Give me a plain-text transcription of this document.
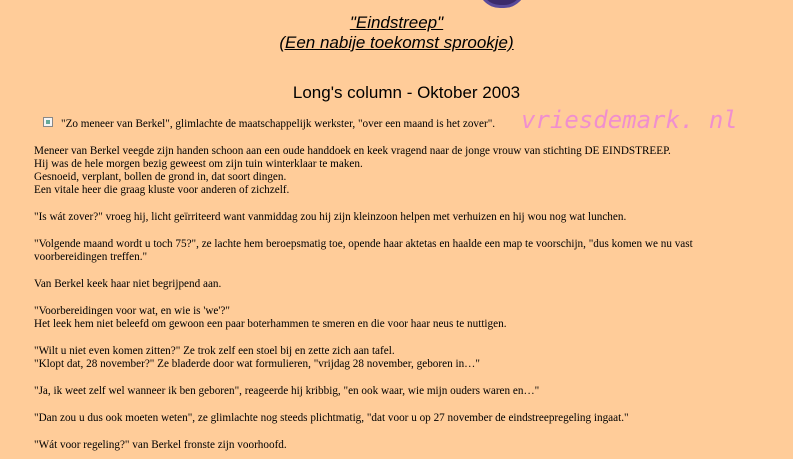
"Eindstreep"
(Een nabije toekomst sprookje)
Long's column - Oktober 2003
vriesdemark. nl
"Zo meneer van Berkel", glimlachte de maatschappelijk werkster, "over een maand is het zover".
Meneer van Berkel veegde zijn handen schoon aan een oude handdoek en keek vragend naar de jonge vrouw van stichting DE EINDSTREEP.
Hij was de hele morgen bezig geweest om zijn tuin winterklaar te maken.
Gesnoeid, verplant, bollen de grond in, dat soort dingen.
Een vitale heer die graag kluste voor anderen of zichzelf.
"Is wát zover?" vroeg hij, licht geïrriteerd want vanmiddag zou hij zijn kleinzoon helpen met verhuizen en hij wou nog wat lunchen.
"Volgende maand wordt u toch 75?", ze lachte hem beroepsmatig toe, opende haar aktetas en haalde een map te voorschijn, "dus komen we nu vast
voorbereidingen treffen."
Van Berkel keek haar niet begrijpend aan.
"Voorbereidingen voor wat, en wie is 'we'?"
Het leek hem niet beleefd om gewoon een paar boterhammen te smeren en die voor haar neus te nuttigen.
"Wilt u niet even komen zitten?" Ze trok zelf een stoel bij en zette zich aan tafel.
"Klopt dat, 28 november?" Ze bladerde door wat formulieren, "vrijdag 28 november, geboren in…"
"Ja, ik weet zelf wel wanneer ik ben geboren", reageerde hij kribbig, "en ook waar, wie mijn ouders waren en…"
"Dan zou u dus ook moeten weten", ze glimlachte nog steeds plichtmatig, "dat voor u op 27 november de eindstreepregeling ingaat."
"Wát voor regeling?" van Berkel fronste zijn voorhoofd.
